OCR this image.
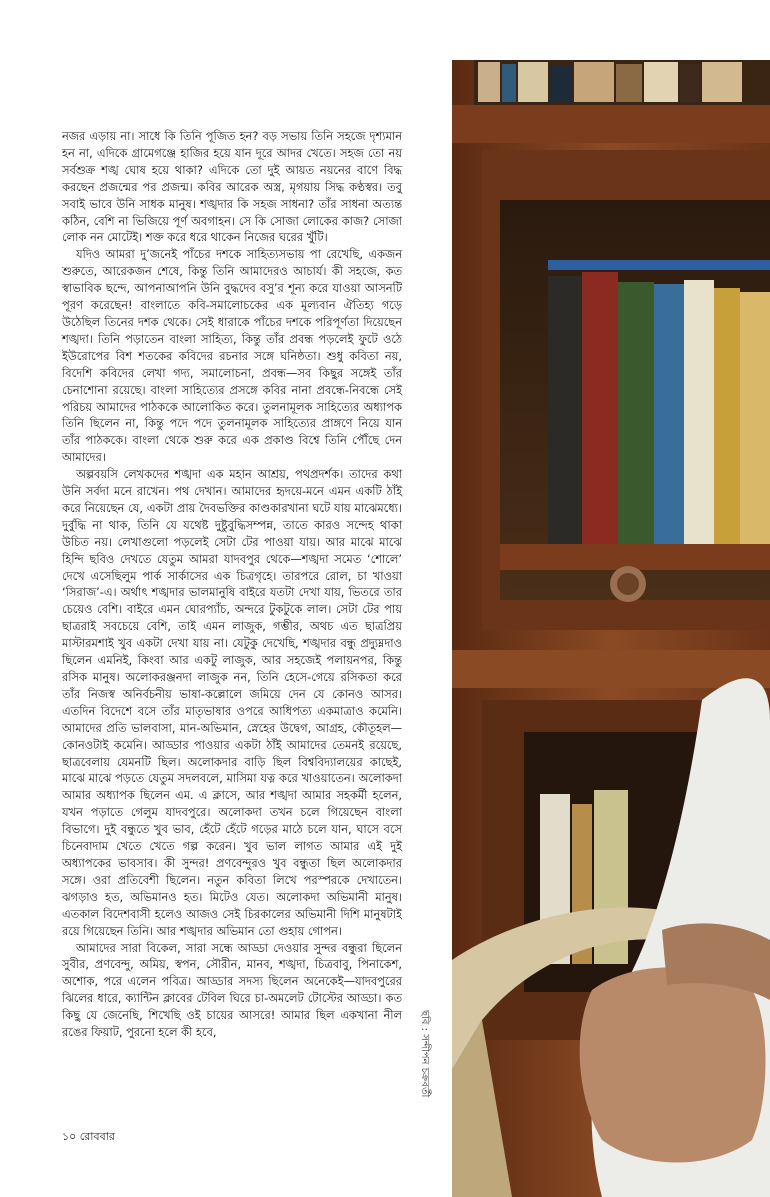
নজর এড়ায় না। সাধে কি তিনি পূজিত হন? বড় সভায় তিনি সহজে দৃশ্যমান হন না, এদিকে গ্রামেগঞ্জে হাজির হয়ে যান দূরে আদর খেতে। সহজ তো নয় সর্বশুক্র শঙ্খ ঘোষ হয়ে থাকা? এদিকে তো দুই আয়ত নয়নের বাণে বিদ্ধ করছেন প্রজন্মের পর প্রজন্ম। কবির আরেক অস্ত্র, মৃগয়ায় সিদ্ধ কণ্ঠস্বর। তবু সবাই ভাবে উনি সাধক মানুষ। শঙ্খদার কি সহজ সাধনা? তাঁর সাধনা অত্যন্ত কঠিন, বেশি না ভিজিয়ে পূর্ণ অবগাহন। সে কি সোজা লোকের কাজ? সোজা লোক নন মোটেই। শক্ত করে ধরে থাকেন নিজের ঘরের খুঁটি।

যদিও আমরা দু’জনেই পাঁচের দশকে সাহিত্যসভায় পা রেখেছি, একজন শুরুতে, আরেকজন শেষে, কিন্তু তিনি আমাদেরও আচার্য। কী সহজে, কত স্বাভাবিক ছন্দে, আপনাআপনি উনি বুদ্ধদেব বসু’র শূন্য করে যাওয়া আসনটি পূরণ করেছেন! বাংলাতে কবি-সমালোচকের এক মূল্যবান ঐতিহ্য গড়ে উঠেছিল তিনের দশক থেকে। সেই ধারাকে পাঁচের দশকে পরিপূর্ণতা দিয়েছেন শঙ্খদা। তিনি পড়াতেন বাংলা সাহিত্য, কিন্তু তাঁর প্রবন্ধ পড়লেই ফুটে ওঠে ইউরোপের বিশ শতকের কবিদের রচনার সঙ্গে ঘনিষ্ঠতা। শুধু কবিতা নয়, বিদেশি কবিদের লেখা গদ্য, সমালোচনা, প্রবন্ধ—সব কিছুর সঙ্গেই তাঁর চেনাশোনা রয়েছে। বাংলা সাহিত্যের প্রসঙ্গে কবির নানা প্রবন্ধে-নিবন্ধে সেই পরিচয় আমাদের পাঠককে আলোকিত করে। তুলনামূলক সাহিত্যের অধ্যাপক তিনি ছিলেন না, কিন্তু পদে পদে তুলনামূলক সাহিত্যের প্রাঙ্গণে নিয়ে যান তাঁর পাঠককে। বাংলা থেকে শুরু করে এক প্রকাণ্ড বিশ্বে তিনি পৌঁছে দেন আমাদের।

অল্পবয়সি লেখকদের শঙ্খদা এক মহান আশ্রয়, পথপ্রদর্শক। তাদের কথা উনি সর্বদা মনে রাখেন। পথ দেখান। আমাদের হৃদয়ে-মনে এমন একটি ঠাঁই করে নিয়েছেন যে, একটা প্রায় দৈবভক্তির কাণ্ডকারখানা ঘটে যায় মাঝেমধ্যে। দুর্বুদ্ধি না থাক, তিনি যে যথেষ্ট দুষ্টুবুদ্ধিসম্পন্ন, তাতে কারও সন্দেহ থাকা উচিত নয়। লেখাগুলো পড়লেই সেটা টের পাওয়া যায়। আর মাঝে মাঝে হিন্দি ছবিও দেখতে যেতুম আমরা যাদবপুর থেকে—শঙ্খদা সমেত ‘শোলে’ দেখে এসেছিলুম পার্ক সার্কাসের এক চিত্রগৃহে। তারপরে রোল, চা খাওয়া ‘সিরাজ’-এ। অর্থাৎ শঙ্খদার ভালমানুষি বাইরে যতটা দেখা যায়, ভিতরে তার চেয়েও বেশি। বাইরে এমন ঘোরপ্যাঁচ, অন্দরে টুকটুকে লাল। সেটা টের পায় ছাত্ররাই সবচেয়ে বেশি, তাই এমন লাজুক, গম্ভীর, অথচ এত ছাত্রপ্রিয় মাস্টারমশাই খুব একটা দেখা যায় না। যেটুকু দেখেছি, শঙ্খদার বন্ধু প্রদ্যুম্নদাও ছিলেন এমনিই, কিংবা আর একটু লাজুক, আর সহজেই পলায়নপর, কিন্তু রসিক মানুষ। অলোকরঞ্জনদা লাজুক নন, তিনি হেসে-গেয়ে রসিকতা করে তাঁর নিজস্ব অনির্বচনীয় ভাষা-কল্লোলে জমিয়ে দেন যে কোনও আসর। এতদিন বিদেশে বসে তাঁর মাতৃভাষার ওপরে আধিপত্য একমাত্রাও কমেনি। আমাদের প্রতি ভালবাসা, মান-অভিমান, স্নেহের উদ্বেগ, আগ্রহ, কৌতূহল—কোনওটাই কমেনি। আড্ডার পাওয়ার একটা ঠাঁই আমাদের তেমনই রয়েছে, ছাত্রবেলায় যেমনটি ছিল। অলোকদার বাড়ি ছিল বিশ্ববিদ্যালয়ের কাছেই, মাঝে মাঝে পড়তে যেতুম সদলবলে, মাসিমা যত্ন করে খাওয়াতেন। অলোকদা আমার অধ্যাপক ছিলেন এম. এ ক্লাসে, আর শঙ্খদা আমার সহকর্মী হলেন, যখন পড়াতে গেলুম যাদবপুরে। অলোকদা তখন চলে গিয়েছেন বাংলা বিভাগে। দুই বন্ধুতে খুব ভাব, হেঁটে হেঁটে গড়ের মাঠে চলে যান, ঘাসে বসে চিনেবাদাম খেতে খেতে গল্প করেন। খুব ভাল লাগত আমার এই দুই অধ্যাপকের ভাবসাব। কী সুন্দর! প্রণবেন্দুরও খুব বন্ধুতা ছিল অলোকদার সঙ্গে। ওরা প্রতিবেশী ছিলেন। নতুন কবিতা লিখে পরস্পরকে দেখাতেন। ঝগড়াও হত, অভিমানও হত। মিটেও যেত। অলোকদা অভিমানী মানুষ। এতকাল বিদেশবাসী হলেও আজও সেই চিরকালের অভিমানী দিশি মানুষটাই রয়ে গিয়েছেন তিনি। আর শঙ্খদার অভিমান তো গুহায় গোপন।

আমাদের সারা বিকেল, সারা সন্ধে আড্ডা দেওয়ার সুন্দর বন্ধুরা ছিলেন সুবীর, প্রণবেন্দু, অমিয়, স্বপন, সৌরীন, মানব, শঙ্খদা, চিত্রবাবু, পিনাকেশ, অশোক, পরে এলেন পবিত্র। আড্ডার সদস্য ছিলেন অনেকেই—যাদবপুরের ঝিলের ধারে, ক্যান্টিন ক্লাবের টেবিল ঘিরে চা-অমলেট টোস্টের আড্ডা। কত কিছু যে জেনেছি, শিখেছি ওই চায়ের আসরে! আমার ছিল একখানা নীল রঙের ফিয়াট, পুরনো হলে কী হবে,	ছবি : সন্দীপন চক্রবর্তী
১০ রোববার
